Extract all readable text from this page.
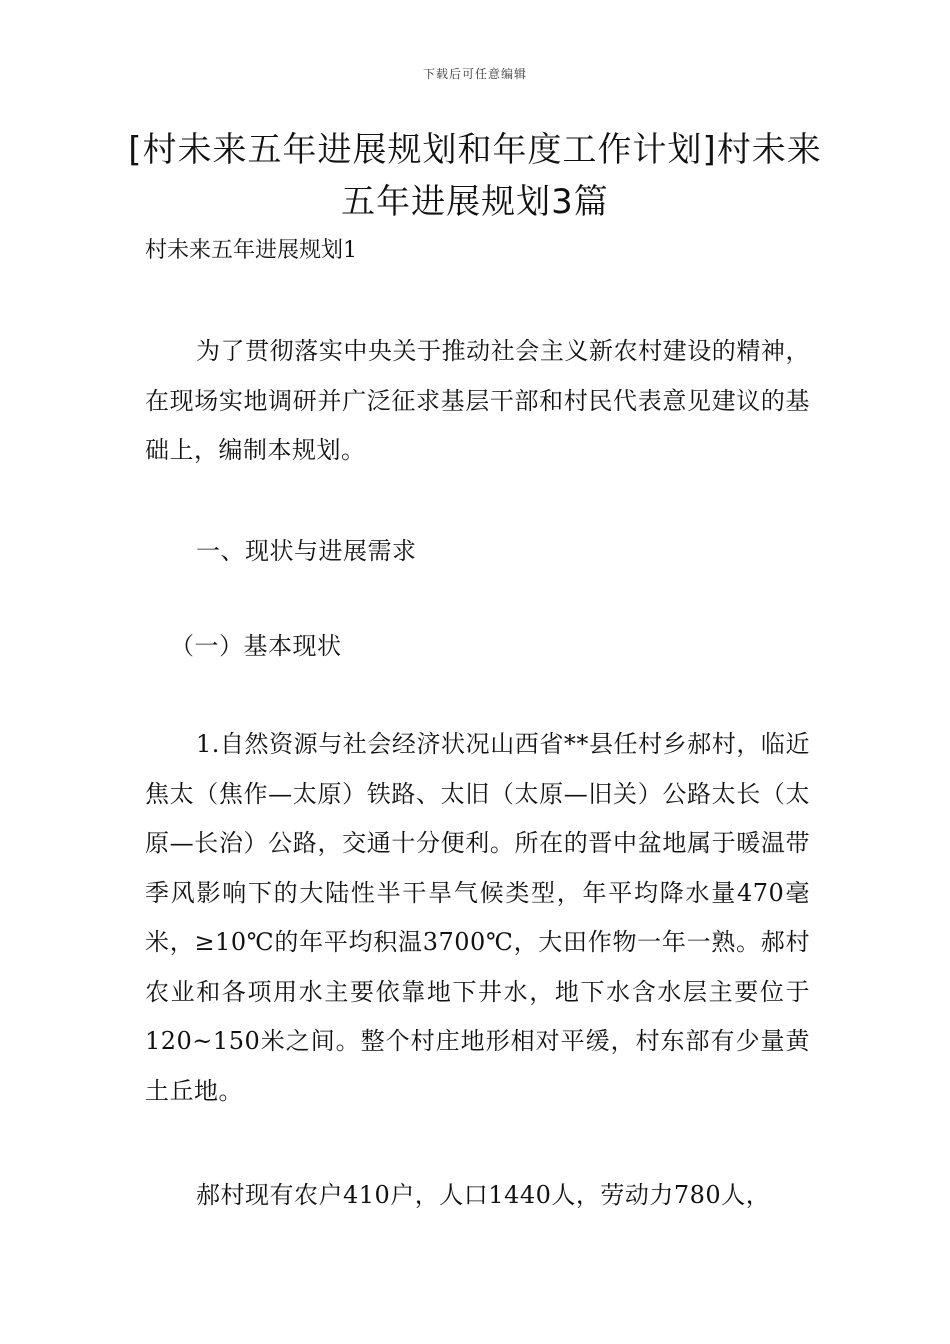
下载后可任意编辑
[村未来五年进展规划和年度工作计划]村未来五年进展规划3篇
村未来五年进展规划1

为了贯彻落实中央关于推动社会主义新农村建设的精神，在现场实地调研并广泛征求基层干部和村民代表意见建议的基础上，编制本规划。

一、现状与进展需求

（一）基本现状

1.自然资源与社会经济状况山西省**县任村乡郝村，临近焦太（焦作—太原）铁路、太旧（太原—旧关）公路太长（太原—长治）公路，交通十分便利。所在的晋中盆地属于暖温带季风影响下的大陆性半干旱气候类型，年平均降水量470毫米，≥10℃的年平均积温3700℃，大田作物一年一熟。郝村农业和各项用水主要依靠地下井水，地下水含水层主要位于120~150米之间。整个村庄地形相对平缓，村东部有少量黄土丘地。

郝村现有农户410户，人口1440人，劳动力780人，
